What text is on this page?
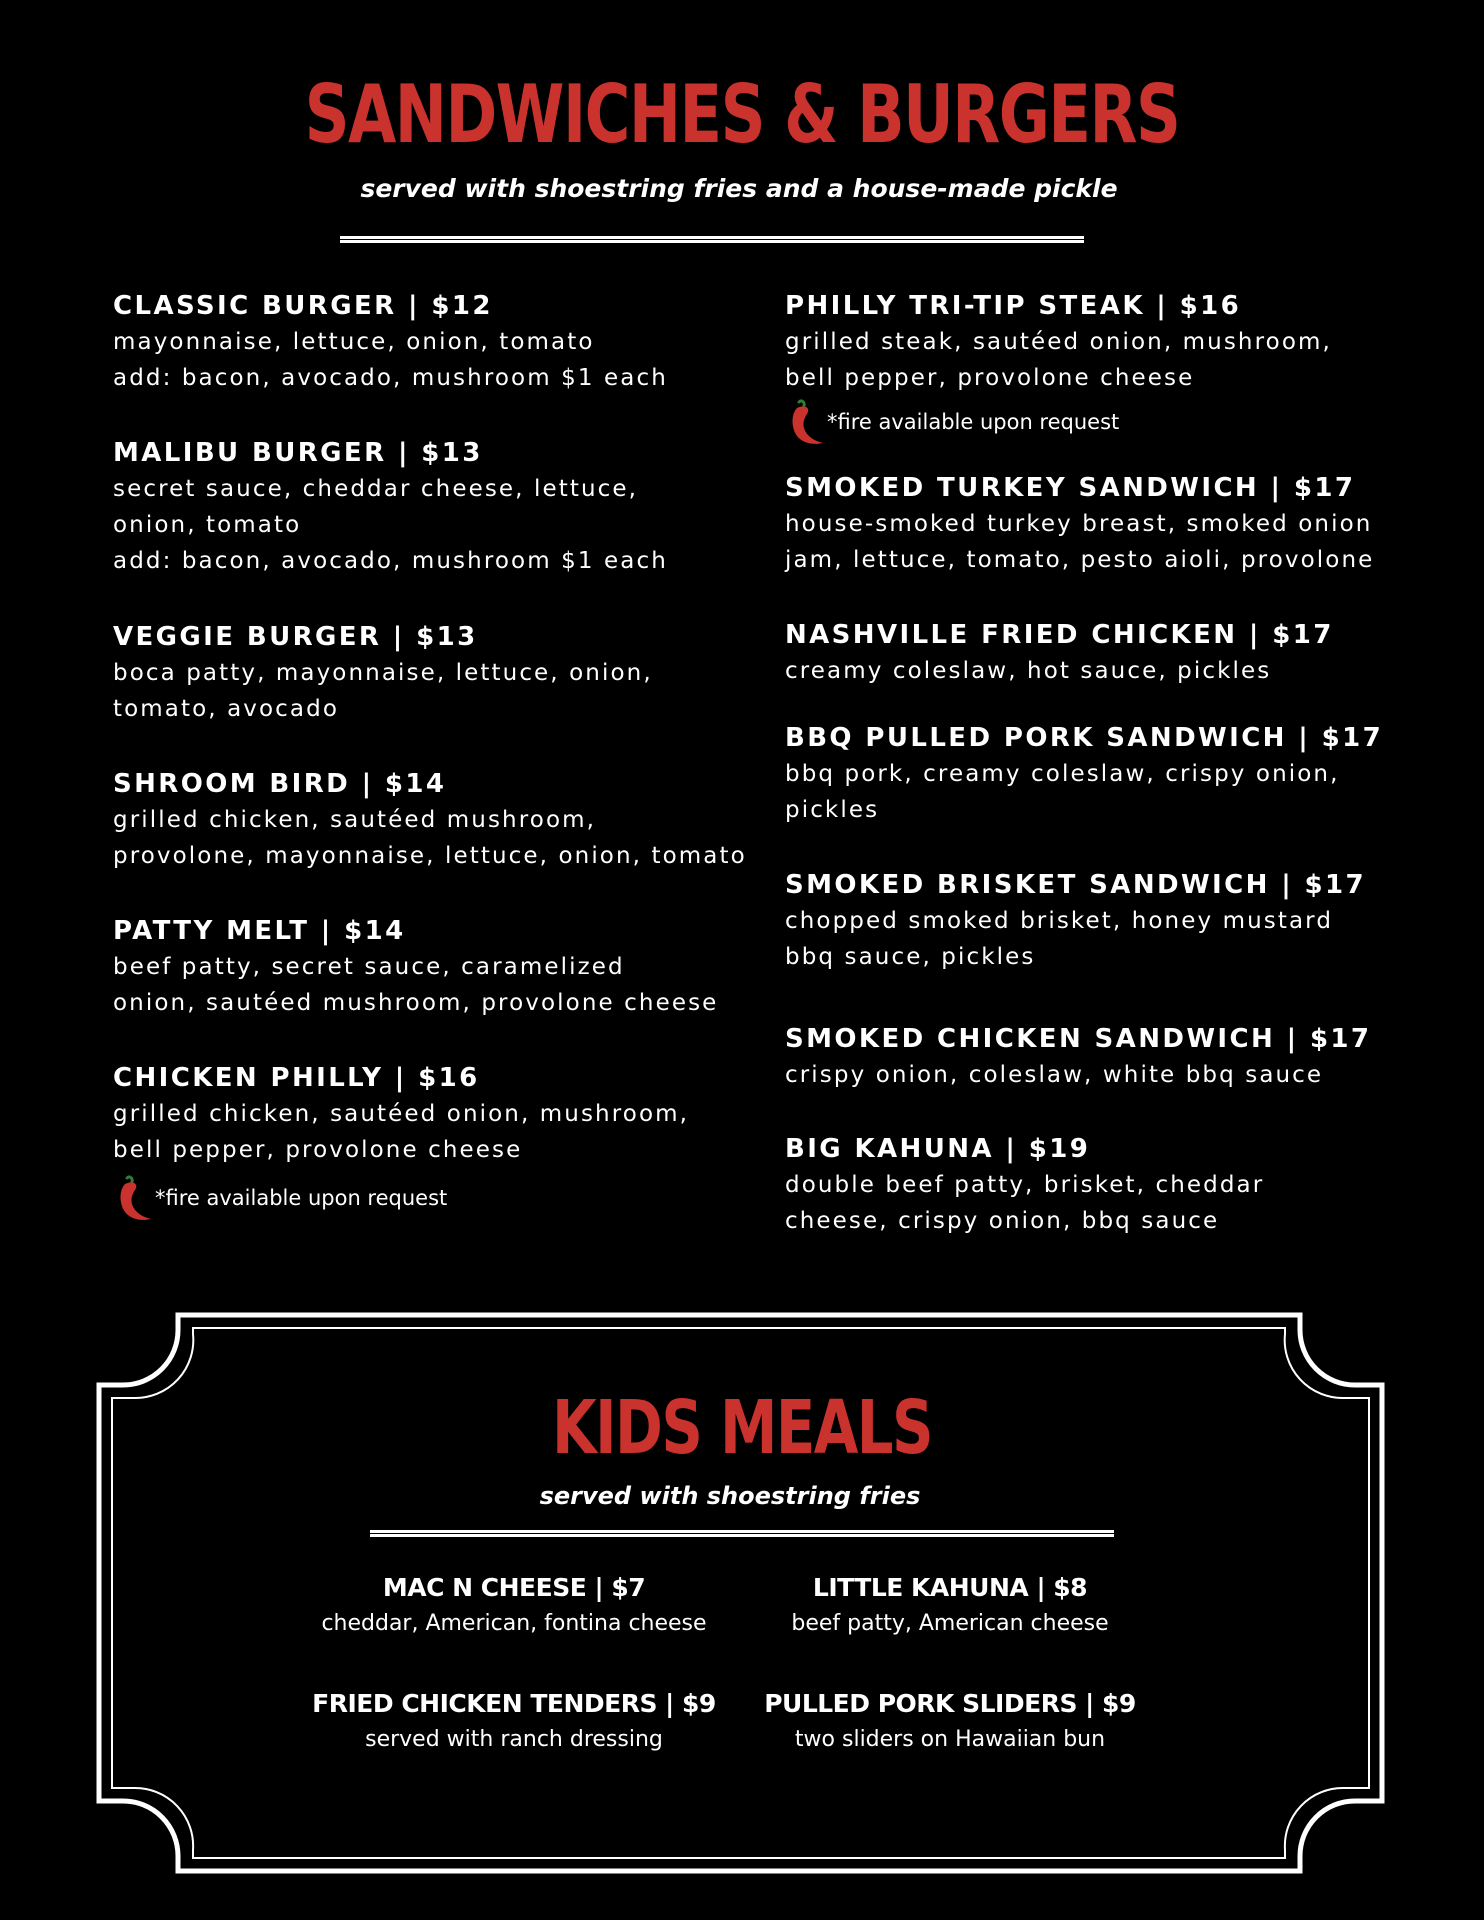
SANDWICHES & BURGERS
served with shoestring fries and a house-made pickle
CLASSIC BURGER | $12
mayonnaise, lettuce, onion, tomato
add: bacon, avocado, mushroom $1 each
MALIBU BURGER | $13
secret sauce, cheddar cheese, lettuce,
onion, tomato
add: bacon, avocado, mushroom $1 each
VEGGIE BURGER | $13
boca patty, mayonnaise, lettuce, onion,
tomato, avocado
SHROOM BIRD | $14
grilled chicken, sautéed mushroom,
provolone, mayonnaise, lettuce, onion, tomato
PATTY MELT | $14
beef patty, secret sauce, caramelized
onion, sautéed mushroom, provolone cheese
CHICKEN PHILLY | $16
grilled chicken, sautéed onion, mushroom,
bell pepper, provolone cheese
*fire available upon request
PHILLY TRI-TIP STEAK | $16
grilled steak, sautéed onion, mushroom,
bell pepper, provolone cheese
*fire available upon request
SMOKED TURKEY SANDWICH | $17
house-smoked turkey breast, smoked onion
jam, lettuce, tomato, pesto aioli, provolone
NASHVILLE FRIED CHICKEN | $17
creamy coleslaw, hot sauce, pickles
BBQ PULLED PORK SANDWICH | $17
bbq pork, creamy coleslaw, crispy onion,
pickles
SMOKED BRISKET SANDWICH | $17
chopped smoked brisket, honey mustard
bbq sauce, pickles
SMOKED CHICKEN SANDWICH | $17
crispy onion, coleslaw, white bbq sauce
BIG KAHUNA | $19
double beef patty, brisket, cheddar
cheese, crispy onion, bbq sauce
KIDS MEALS
served with shoestring fries
MAC N CHEESE | $7
cheddar, American, fontina cheese
LITTLE KAHUNA | $8
beef patty, American cheese
FRIED CHICKEN TENDERS | $9
served with ranch dressing
PULLED PORK SLIDERS | $9
two sliders on Hawaiian bun
